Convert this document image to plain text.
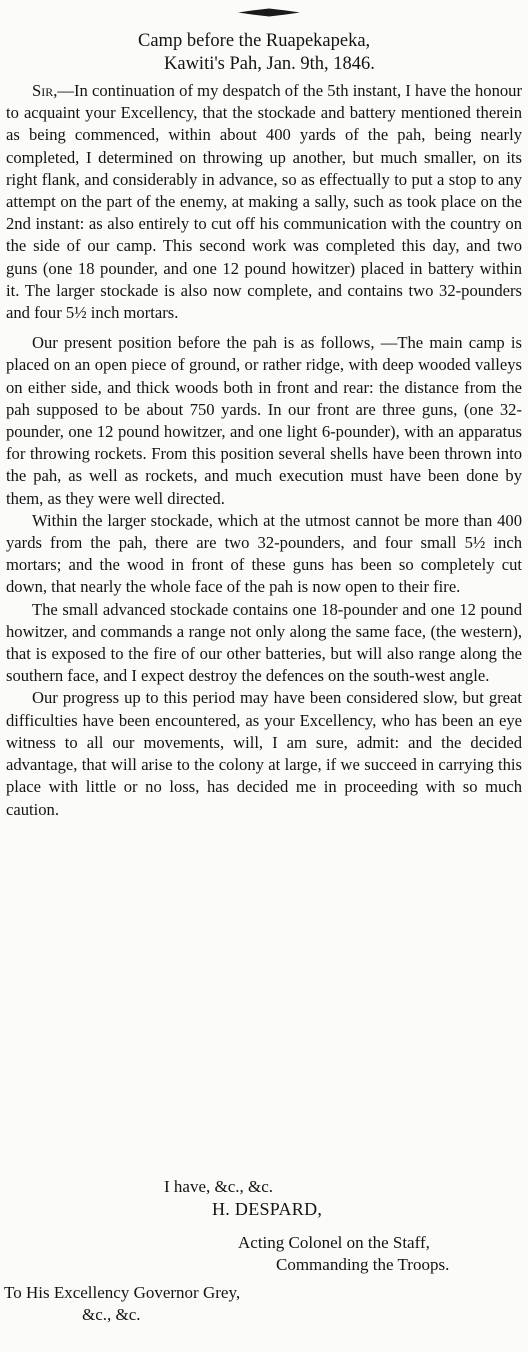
Camp before the Ruapekapeka,
Kawiti's Pah, Jan. 9th, 1846.

Sir,—In continuation of my despatch of the 5th instant, I have the honour to acquaint your Excellency, that the stockade and battery mentioned therein as being commenced, within about 400 yards of the pah, being nearly completed, I determined on throwing up another, but much smaller, on its right flank, and considerably in advance, so as effectually to put a stop to any attempt on the part of the enemy, at making a sally, such as took place on the 2nd instant: as also entirely to cut off his communication with the country on the side of our camp. This second work was completed this day, and two guns (one 18 pounder, and one 12 pound howitzer) placed in battery within it. The larger stockade is also now complete, and contains two 32-pounders and four 5½ inch mortars.

Our present position before the pah is as follows, —The main camp is placed on an open piece of ground, or rather ridge, with deep wooded valleys on either side, and thick woods both in front and rear: the distance from the pah supposed to be about 750 yards. In our front are three guns, (one 32-pounder, one 12 pound howitzer, and one light 6-pounder), with an apparatus for throwing rockets. From this position several shells have been thrown into the pah, as well as rockets, and much execution must have been done by them, as they were well directed.

Within the larger stockade, which at the utmost cannot be more than 400 yards from the pah, there are two 32-pounders, and four small 5½ inch mortars; and the wood in front of these guns has been so completely cut down, that nearly the whole face of the pah is now open to their fire.

The small advanced stockade contains one 18-pounder and one 12 pound howitzer, and commands a range not only along the same face, (the western), that is exposed to the fire of our other batteries, but will also range along the southern face, and I expect destroy the defences on the south-west angle.

Our progress up to this period may have been considered slow, but great difficulties have been encountered, as your Excellency, who has been an eye witness to all our movements, will, I am sure, admit: and the decided advantage, that will arise to the colony at large, if we succeed in carrying this place with little or no loss, has decided me in proceeding with so much caution.

I have, &c., &c.
H. DESPARD,
Acting Colonel on the Staff,
Commanding the Troops.
To His Excellency Governor Grey,
&c., &c.
